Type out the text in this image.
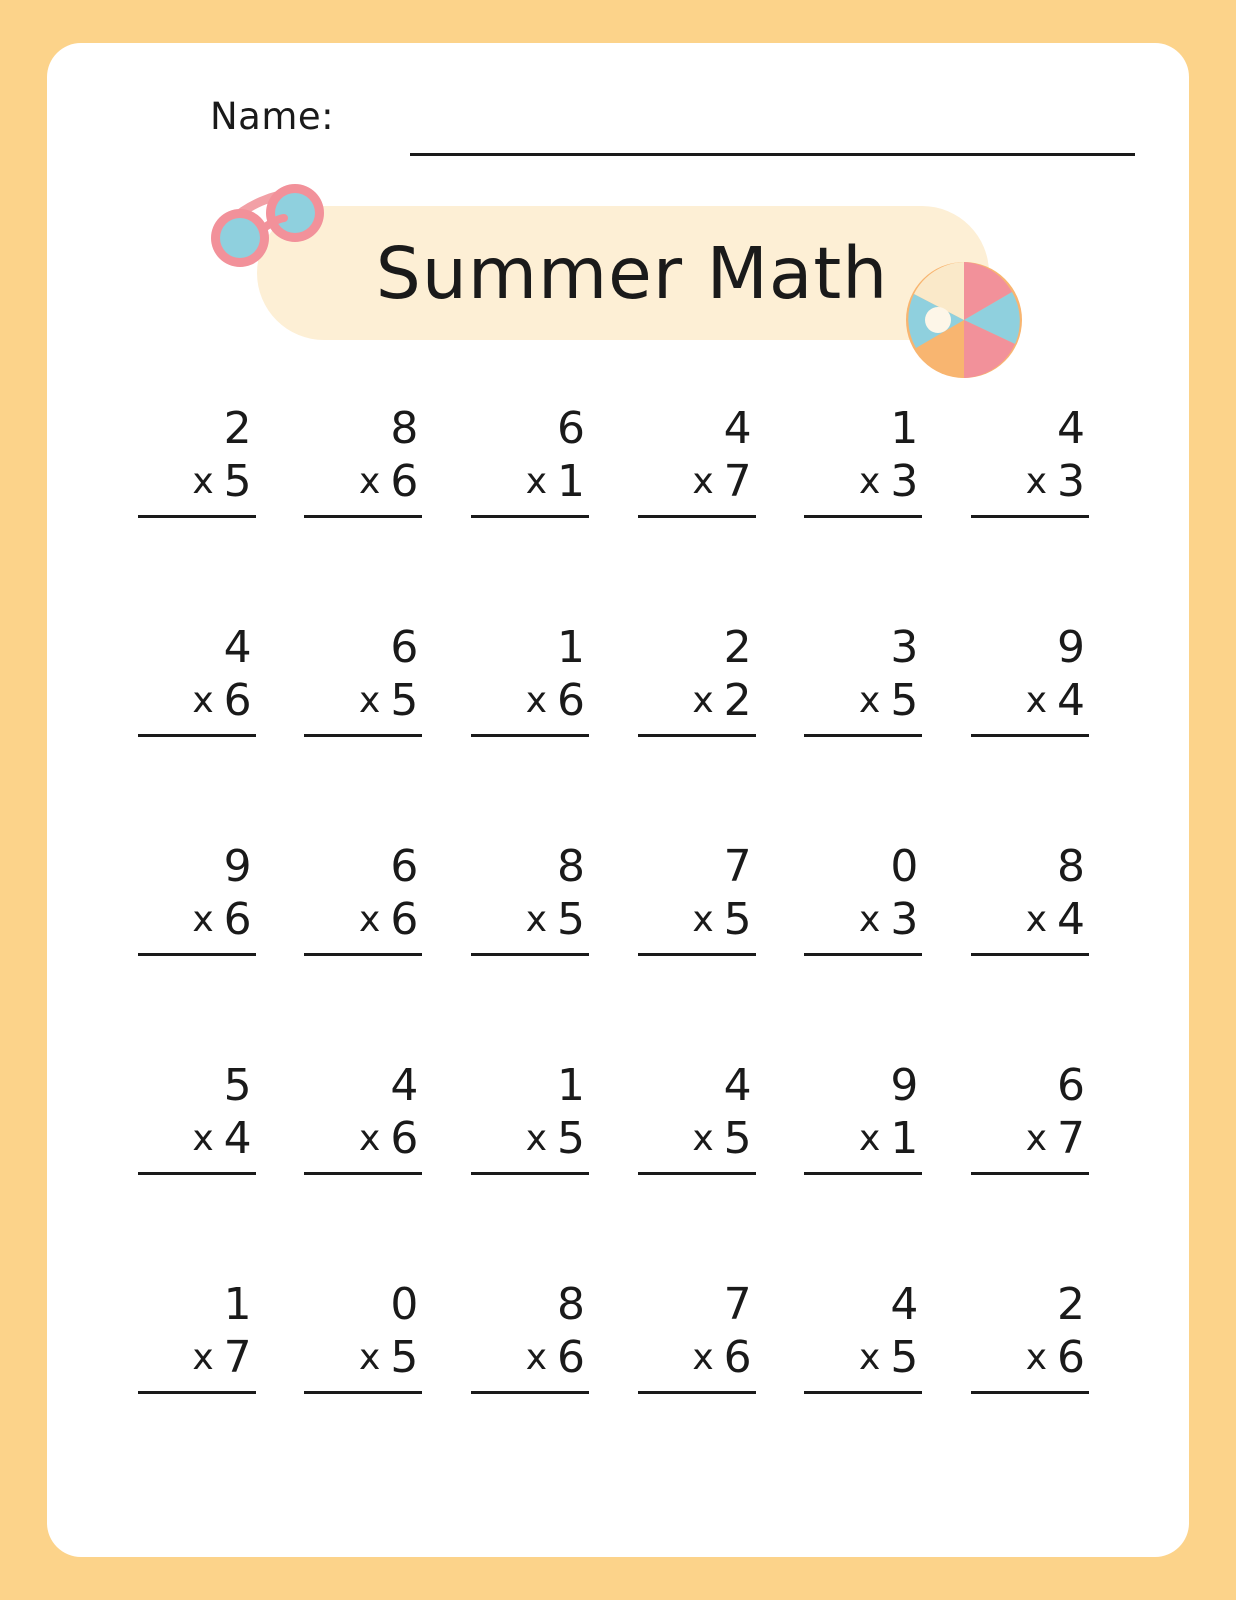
Name:
Summer Math
2
x 5
8
x 6
6
x 1
4
x 7
1
x 3
4
x 3
4
x 6
6
x 5
1
x 6
2
x 2
3
x 5
9
x 4
9
x 6
6
x 6
8
x 5
7
x 5
0
x 3
8
x 4
5
x 4
4
x 6
1
x 5
4
x 5
9
x 1
6
x 7
1
x 7
0
x 5
8
x 6
7
x 6
4
x 5
2
x 6
